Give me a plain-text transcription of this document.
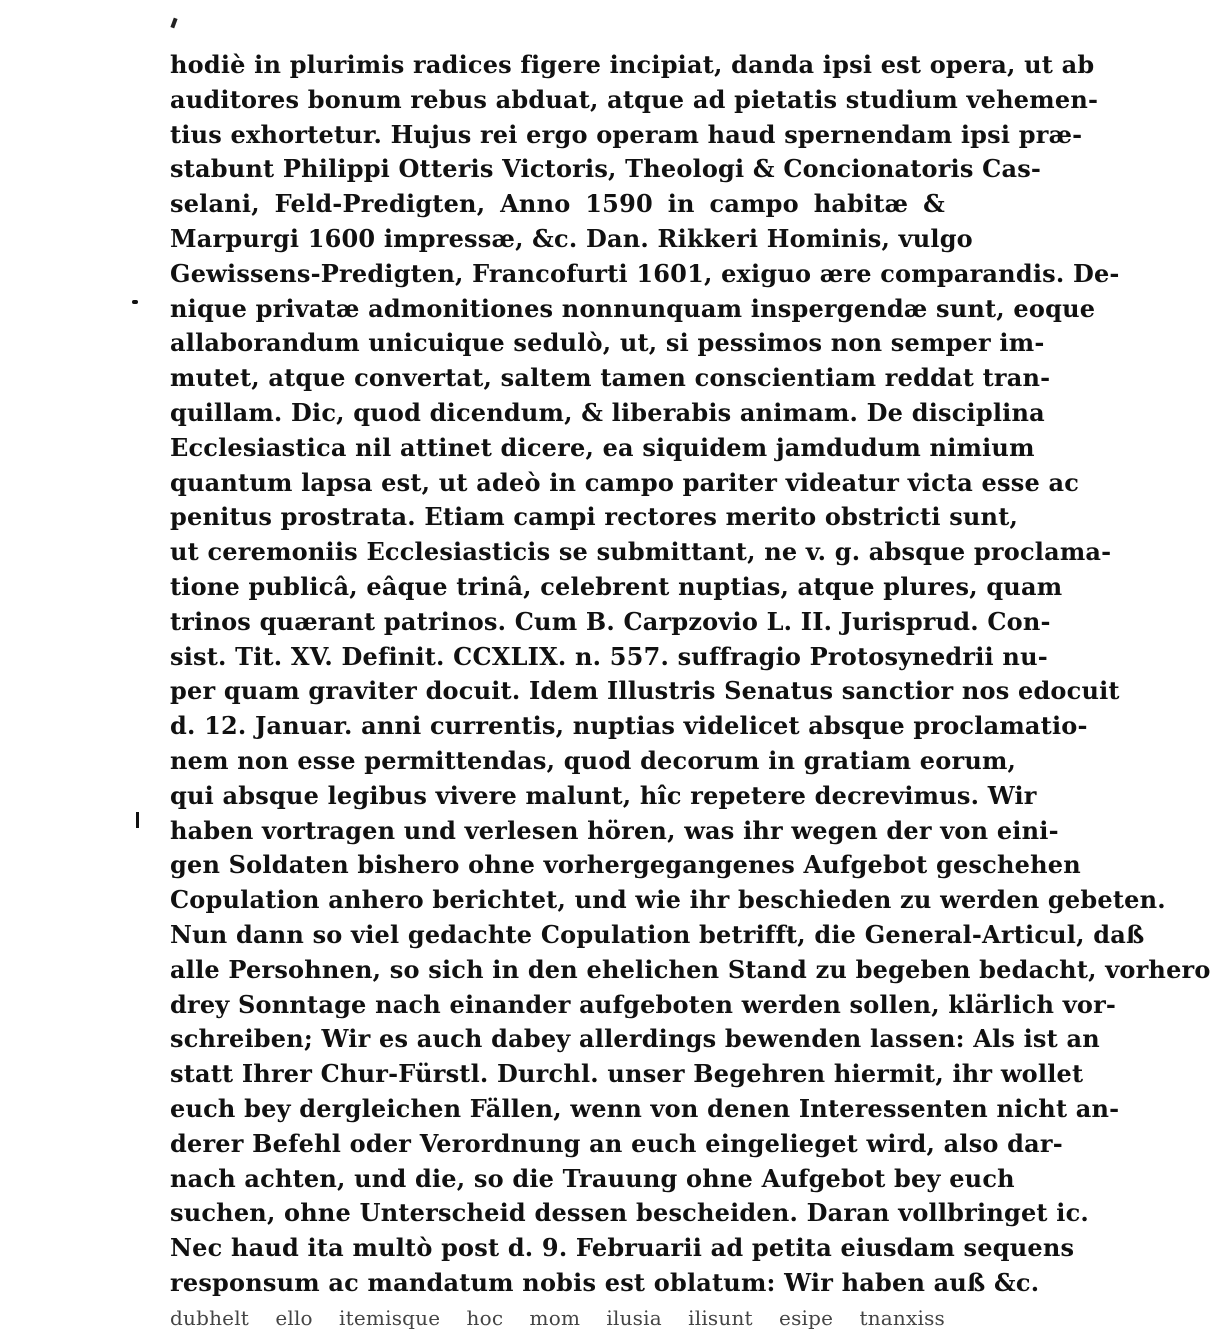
hodiè in plurimis radices figere incipiat, danda ipsi est opera, ut ab
auditores bonum rebus abduat, atque ad pietatis studium vehemen-
tius exhortetur. Hujus rei ergo operam haud spernendam ipsi præ-
stabunt Philippi Otteris Victoris, Theologi & Concionatoris Cas-
selani, Feld-Predigten, Anno 1590 in campo habitæ &
Marpurgi 1600 impressæ, &c. Dan. Rikkeri Hominis, vulgo
Gewissens-Predigten, Francofurti 1601, exiguo ære comparandis. De-
nique privatæ admonitiones nonnunquam inspergendæ sunt, eoque
allaborandum unicuique sedulò, ut, si pessimos non semper im-
mutet, atque convertat, saltem tamen conscientiam reddat tran-
quillam. Dic, quod dicendum, & liberabis animam. De disciplina
Ecclesiastica nil attinet dicere, ea siquidem jamdudum nimium
quantum lapsa est, ut adeò in campo pariter videatur victa esse ac
penitus prostrata. Etiam campi rectores merito obstricti sunt,
ut ceremoniis Ecclesiasticis se submittant, ne v. g. absque proclama-
tione publicâ, eâque trinâ, celebrent nuptias, atque plures, quam
trinos quærant patrinos. Cum B. Carpzovio L. II. Jurisprud. Con-
sist. Tit. XV. Definit. CCXLIX. n. 557. suffragio Protosynedrii nu-
per quam graviter docuit. Idem Illustris Senatus sanctior nos edocuit
d. 12. Januar. anni currentis, nuptias videlicet absque proclamatio-
nem non esse permittendas, quod decorum in gratiam eorum,
qui absque legibus vivere malunt, hîc repetere decrevimus. Wir
haben vortragen und verlesen hören, was ihr wegen der von eini-
gen Soldaten bishero ohne vorhergegangenes Aufgebot geschehen
Copulation anhero berichtet, und wie ihr beschieden zu werden gebeten.
Nun dann so viel gedachte Copulation betrifft, die General-Articul, daß
alle Persohnen, so sich in den ehelichen Stand zu begeben bedacht, vorhero
drey Sonntage nach einander aufgeboten werden sollen, klärlich vor-
schreiben; Wir es auch dabey allerdings bewenden lassen: Als ist an
statt Ihrer Chur-Fürstl. Durchl. unser Begehren hiermit, ihr wollet
euch bey dergleichen Fällen, wenn von denen Interessenten nicht an-
derer Befehl oder Verordnung an euch eingelieget wird, also dar-
nach achten, und die, so die Trauung ohne Aufgebot bey euch
suchen, ohne Unterscheid dessen bescheiden. Daran vollbringet ic.
Nec haud ita multò post d. 9. Februarii ad petita eiusdam sequens
responsum ac mandatum nobis est oblatum: Wir haben auß &c.
dubhelt ello itemisque hoc mom ilusia ilisunt esipe tnanxiss
